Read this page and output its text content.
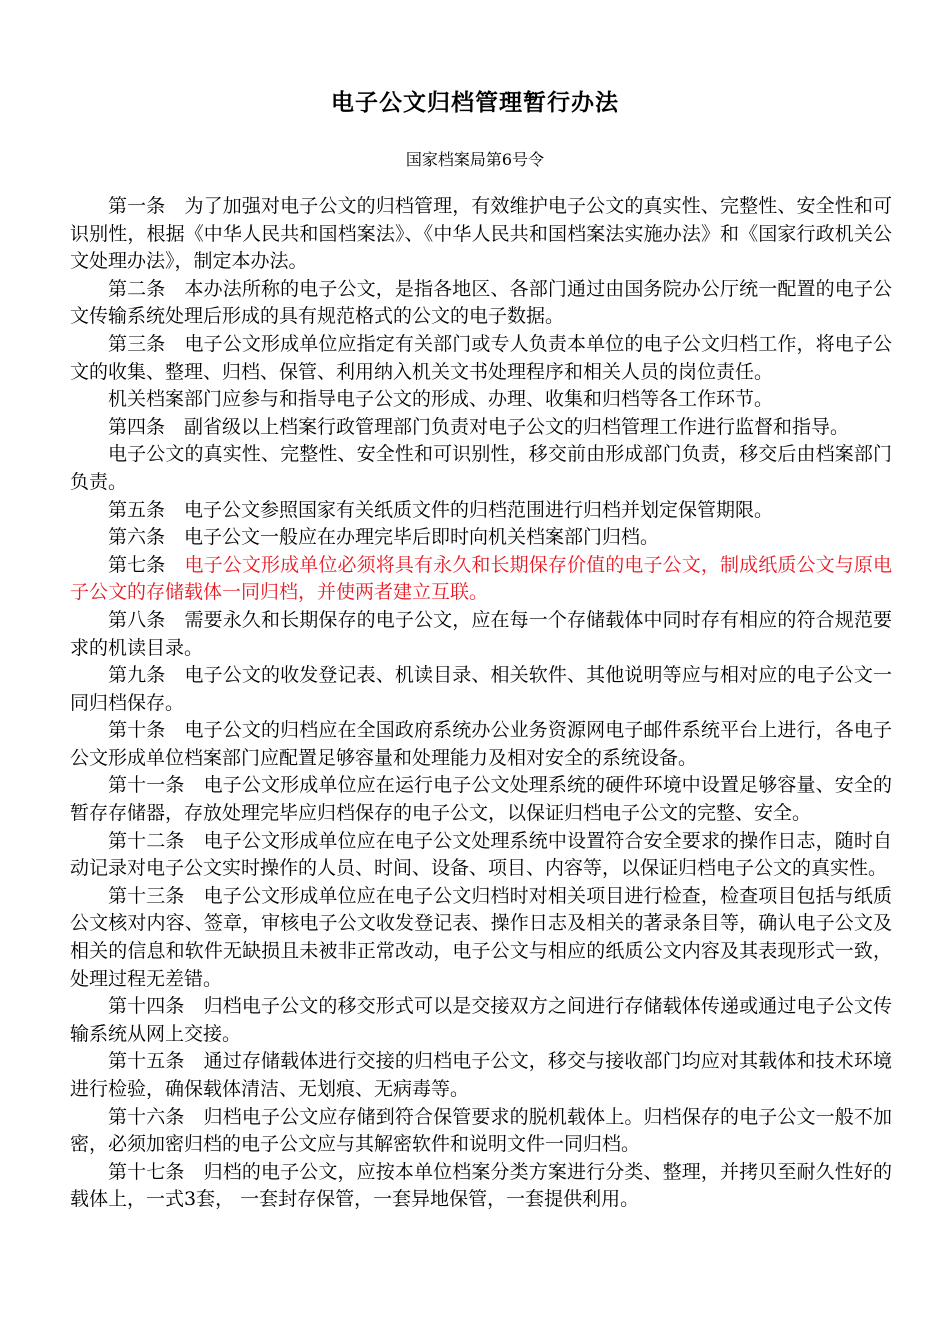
电子公文归档管理暂行办法
国家档案局第6号令

第一条　 为了加强对电子公文的归档管理，有效维护电子公文的真实性、完整性、安全性和可识别性，根据《中华人民共和国档案法》、《中华人民共和国档案法实施办法》和《国家行政机关公文处理办法》，制定本办法。

第二条　 本办法所称的电子公文，是指各地区、各部门通过由国务院办公厅统一配置的电子公文传输系统处理后形成的具有规范格式的公文的电子数据。

第三条　 电子公文形成单位应指定有关部门或专人负责本单位的电子公文归档工作，将电子公文的收集、整理、归档、保管、利用纳入机关文书处理程序和相关人员的岗位责任。

机关档案部门应参与和指导电子公文的形成、办理、收集和归档等各工作环节。

第四条　 副省级以上档案行政管理部门负责对电子公文的归档管理工作进行监督和指导。

电子公文的真实性、完整性、安全性和可识别性，移交前由形成部门负责，移交后由档案部门负责。

第五条　 电子公文参照国家有关纸质文件的归档范围进行归档并划定保管期限。

第六条　 电子公文一般应在办理完毕后即时向机关档案部门归档。

第七条　 电子公文形成单位必须将具有永久和长期保存价值的电子公文，制成纸质公文与原电子公文的存储载体一同归档，并使两者建立互联。

第八条　 需要永久和长期保存的电子公文，应在每一个存储载体中同时存有相应的符合规范要求的机读目录。

第九条　 电子公文的收发登记表、机读目录、相关软件、其他说明等应与相对应的电子公文一同归档保存。

第十条　 电子公文的归档应在全国政府系统办公业务资源网电子邮件系统平台上进行，各电子公文形成单位档案部门应配置足够容量和处理能力及相对安全的系统设备。

第十一条　 电子公文形成单位应在运行电子公文处理系统的硬件环境中设置足够容量、安全的暂存存储器，存放处理完毕应归档保存的电子公文，以保证归档电子公文的完整、安全。

第十二条　 电子公文形成单位应在电子公文处理系统中设置符合安全要求的操作日志，随时自动记录对电子公文实时操作的人员、时间、设备、项目、内容等，以保证归档电子公文的真实性。

第十三条　 电子公文形成单位应在电子公文归档时对相关项目进行检查，检查项目包括与纸质公文核对内容、签章，审核电子公文收发登记表、操作日志及相关的著录条目等，确认电子公文及相关的信息和软件无缺损且未被非正常改动，电子公文与相应的纸质公文内容及其表现形式一致，处理过程无差错。

第十四条　 归档电子公文的移交形式可以是交接双方之间进行存储载体传递或通过电子公文传输系统从网上交接。

第十五条　 通过存储载体进行交接的归档电子公文，移交与接收部门均应对其载体和技术环境进行检验，确保载体清洁、无划痕、无病毒等。

第十六条　 归档电子公文应存储到符合保管要求的脱机载体上。归档保存的电子公文一般不加密，必须加密归档的电子公文应与其解密软件和说明文件一同归档。

第十七条　 归档的电子公文，应按本单位档案分类方案进行分类、整理，并拷贝至耐久性好的载体上，一式3套， 一套封存保管，一套异地保管，一套提供利用。
